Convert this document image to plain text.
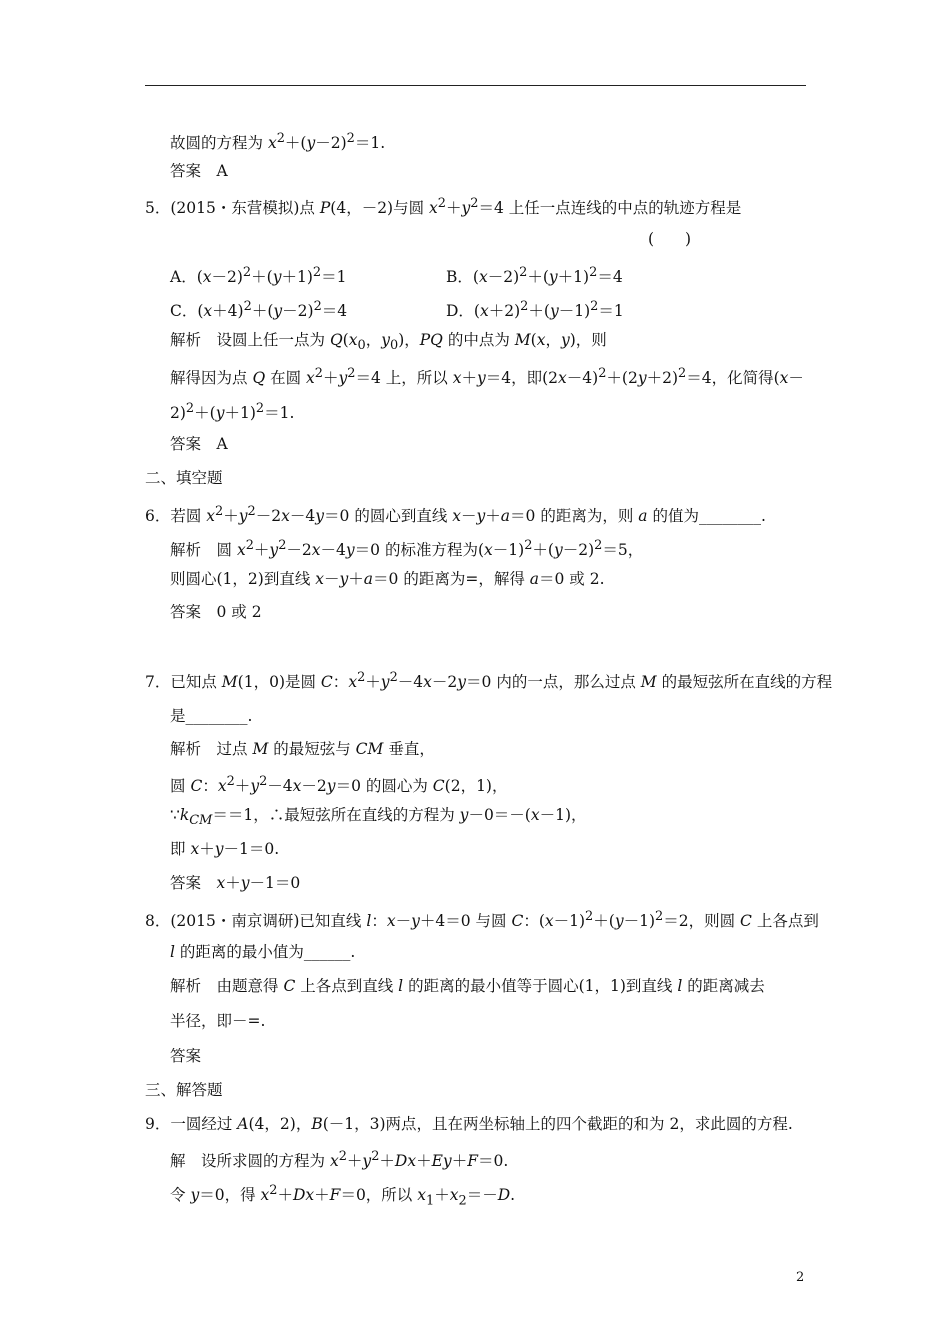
故圆的方程为 $x^2+(y-2)^2=1$.
答案　A
5．(2015・东营模拟)点 P(4，－2)与圆 $x^2+y^2=4$ 上任一点连线的中点的轨迹方程是
(　　)
A．$(x-2)^2+(y+1)^2=1$	B．$(x-2)^2+(y+1)^2=4$
C．$(x+4)^2+(y-2)^2=4$	D．$(x+2)^2+(y-1)^2=1$
解析　设圆上任一点为 $Q(x_0$，$y_0$)，PQ 的中点为 M(x，y)，则
解得因为点 Q 在圆 $x^2+y^2=4$ 上，所以 x＋y＝4，即$(2x-4)^2+(2y+2)^2=4$，化简得(x－
$2)^2+(y+1)^2=1$.
答案　A
二、填空题
6．若圆 $x^2+y^2-2x-4y=0$ 的圆心到直线 x－y＋a＝0 的距离为，则 a 的值为________.
解析　圆 $x^2+y^2-2x-4y=0$ 的标准方程为$(x-1)^2+(y-2)^2=5$，
则圆心(1，2)到直线 x－y＋a＝0 的距离为=，解得 a＝0 或 2.
答案　0 或 2
7．已知点 M(1，0)是圆 C：$x^2+y^2-4x-2y=0$ 内的一点，那么过点 M 的最短弦所在直线的方程
是________.
解析　过点 M 的最短弦与 CM 垂直，
圆 C：$x^2+y^2-4x-2y=0$ 的圆心为 C(2，1)，
$\because k_{CM}==1$，∴最短弦所在直线的方程为 y－0＝－(x－1)，
即 x＋y－1＝0.
答案　x＋y－1＝0
8．(2015・南京调研)已知直线 l：x－y＋4＝0 与圆 C：$(x-1)^2+(y-1)^2=2$，则圆 C 上各点到
l 的距离的最小值为______.
解析　由题意得 C 上各点到直线 l 的距离的最小值等于圆心(1，1)到直线 l 的距离减去
半径，即－=.
答案
三、解答题
9．一圆经过 A(4，2)，B(－1，3)两点，且在两坐标轴上的四个截距的和为 2，求此圆的方程.
解　设所求圆的方程为 $x^2+y^2+Dx+Ey+F=0$.
令 y＝0，得 $x^2+Dx+F=0$，所以 $x_1+x_2=-D$.
2
